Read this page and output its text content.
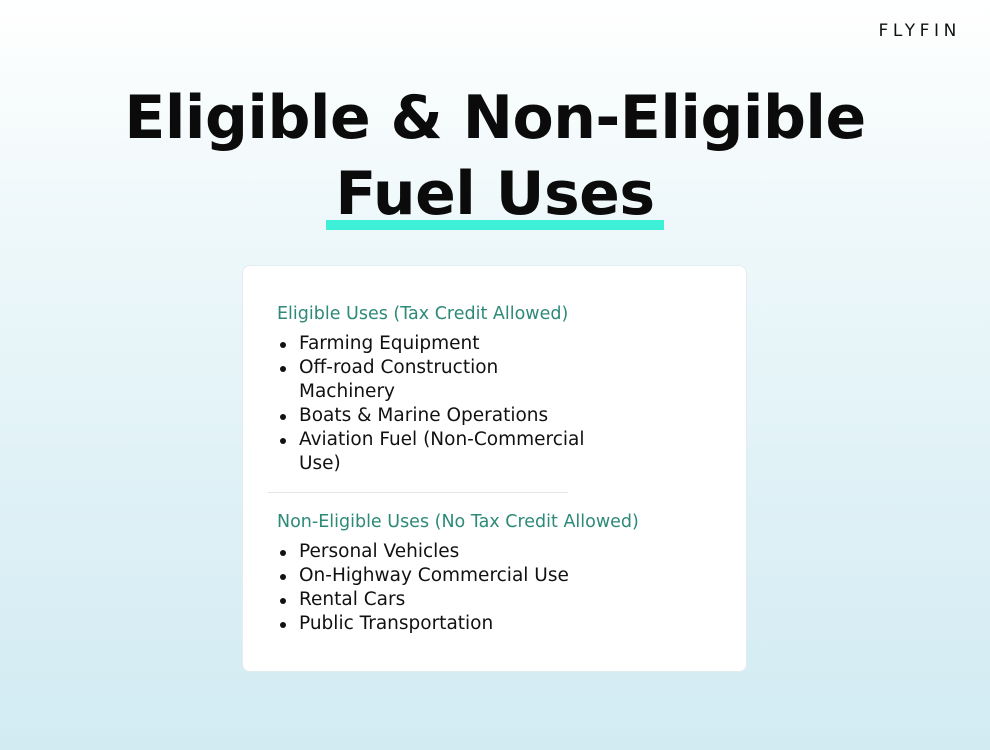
FLYFIN
Eligible & Non-Eligible
Fuel Uses
Eligible Uses (Tax Credit Allowed)
Farming Equipment
Off-road Construction Machinery
Boats & Marine Operations
Aviation Fuel (Non-Commercial Use)
Non-Eligible Uses (No Tax Credit Allowed)
Personal Vehicles
On-Highway Commercial Use
Rental Cars
Public Transportation
